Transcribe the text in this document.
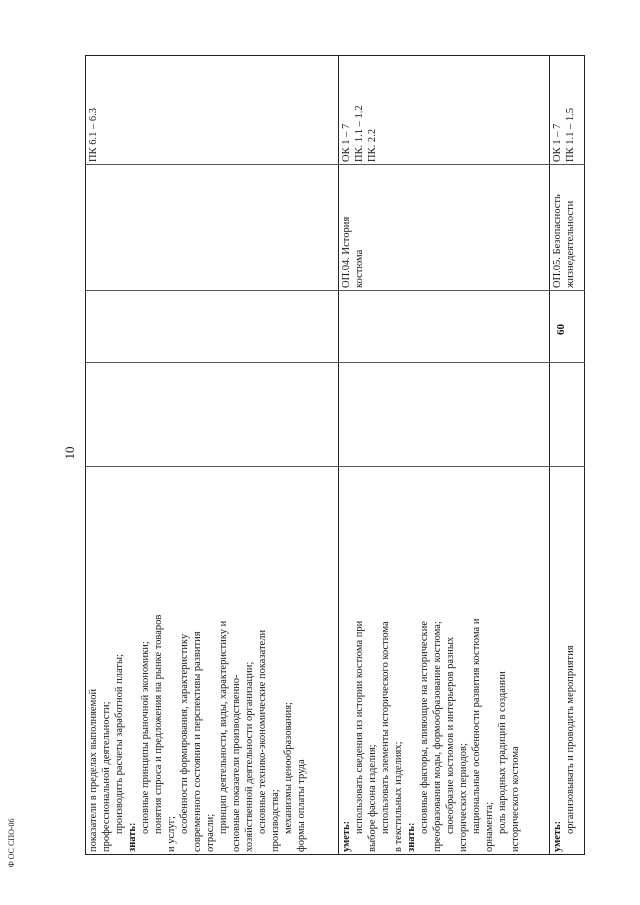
10
Ф ОС СПО-06	показатели в пределах выполняемой профессиональной деятельности; производить расчеты заработной платы;
знать:
основные принципы рыночной экономики; понятия спроса и предложения на рынке товаров
и услуг;
особенности формирования, характеристику современного состояния и перспективы развития отрасли; принцип деятельности, виды, характеристику и основные показатели производственно- хозяйственной деятельности организации; основные технико-экономические показатели производства; механизмы ценообразования; формы оплаты труда
ПК 6.1 – 6.3
уметь:
использовать сведения из истории костюма при выборе фасона изделия; использовать элементы исторического костюма в текстильных изделиях; знать:
основные факторы, влияющие на исторические преобразования моды, формообразование костюма; своеобразие костюмов и интерьеров разных исторических периодов; национальные особенности развития костюма и орнамента; роль народных традиций в создании исторического костюма
ОП.04. История костюма
ОК 1 – 7 ПК. 1.1 – 1.2 ПК. 2.2
уметь:
организовывать и проводить мероприятия
60
ОП.05. Безопасность жизнедеятельности
ОК 1 – 7 ПК 1.1 – 1.5
